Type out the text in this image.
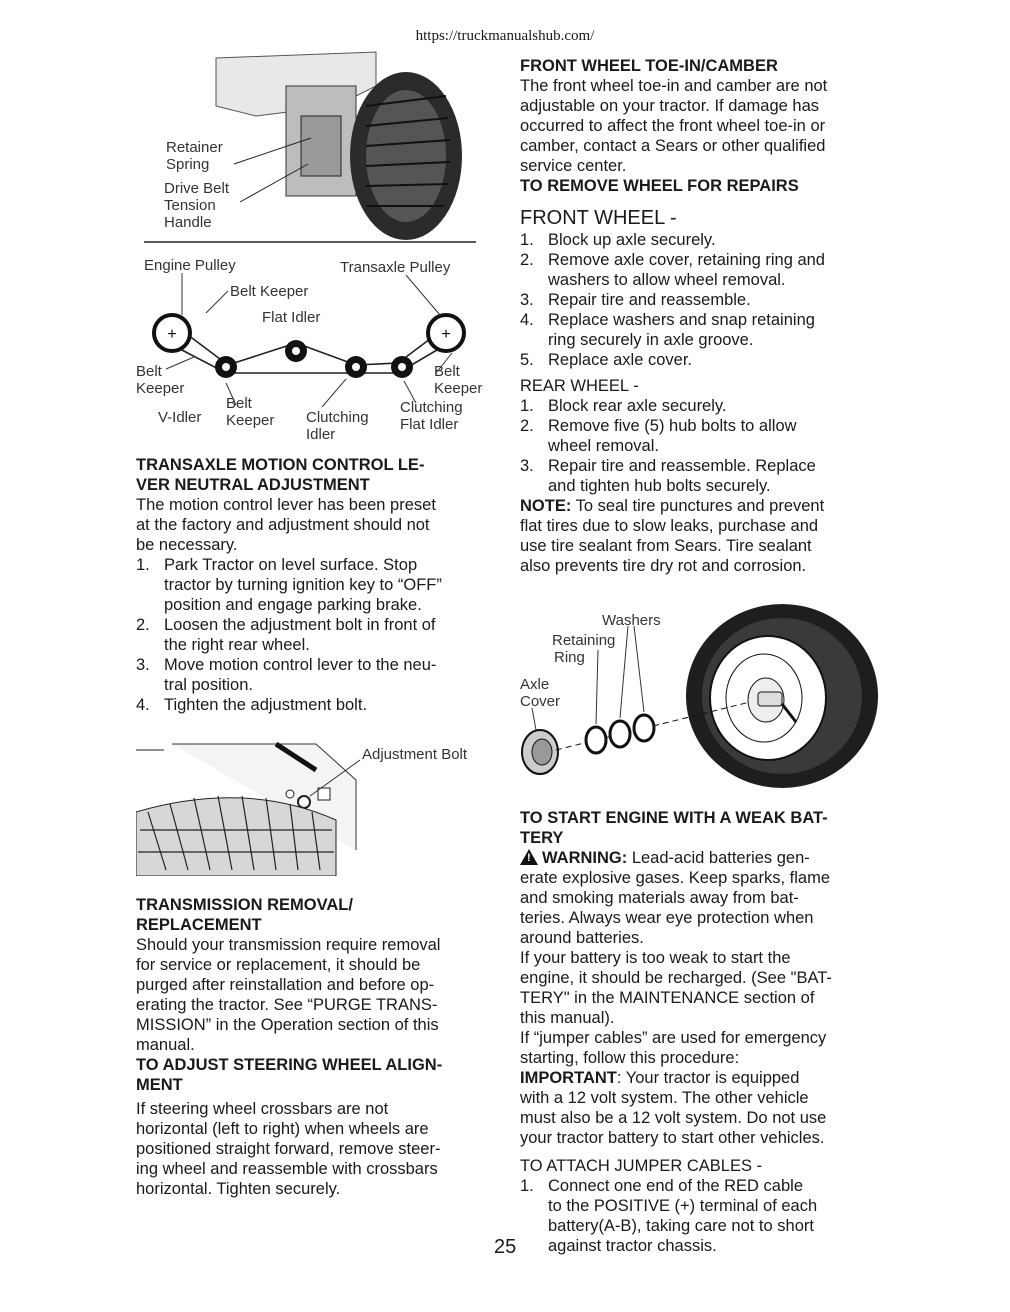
https://truckmanualshub.com/
Retainer
Spring
Drive Belt
Tension
Handle
+	+
Engine Pulley	Transaxle Pulley
Belt Keeper
Flat Idler
Belt
Keeper
Belt
Keeper
V-Idler	Clutching
Idler
Clutching
Flat Idler
Belt
Keeper
TRANSAXLE MOTION CONTROL LE-
VER NEUTRAL ADJUSTMENT
The motion control lever has been preset
at the factory and adjustment should not
be necessary.
1. Park Tractor on level surface. Stop
tractor by turning ignition key to “OFF”
position and engage parking brake.
2. Loosen the adjustment bolt in front of
the right rear wheel.
3. Move motion control lever to the neu-
tral position.
4. Tighten the adjustment bolt.
Adjustment Bolt
TRANSMISSION REMOVAL/
REPLACEMENT
Should your transmission require removal
for service or replacement, it should be
purged after reinstallation and before op-
erating the tractor. See “PURGE TRANS-
MISSION” in the Operation section of this
manual.
TO ADJUST STEERING WHEEL ALIGN-
MENT
If steering wheel crossbars are not
horizontal (left to right) when wheels are
positioned straight forward, remove steer-
ing wheel and reassemble with crossbars
horizontal. Tighten securely.
FRONT WHEEL TOE-IN/CAMBER
The front wheel toe-in and camber are not
adjustable on your tractor. If damage has
occurred to affect the front wheel toe-in or
camber, contact a Sears or other qualified
service center.
TO REMOVE WHEEL FOR REPAIRS
FRONT WHEEL -
1. Block up axle securely.
2. Remove axle cover, retaining ring and
washers to allow wheel removal.
3. Repair tire and reassemble.
4. Replace washers and snap retaining
ring securely in axle groove.
5. Replace axle cover.
REAR WHEEL -
1. Block rear axle securely.
2. Remove five (5) hub bolts to allow
wheel removal.
3. Repair tire and reassemble. Replace
and tighten hub bolts securely.
NOTE: To seal tire punctures and prevent
flat tires due to slow leaks, purchase and
use tire sealant from Sears. Tire sealant
also prevents tire dry rot and corrosion.
Washers
Retaining
Ring
Axle
Cover
TO START ENGINE WITH A WEAK BAT-
TERY
! WARNING: Lead-acid batteries gen-
erate explosive gases. Keep sparks, flame
and smoking materials away from bat-
teries. Always wear eye protection when
around batteries.
If your battery is too weak to start the
engine, it should be recharged. (See "BAT-
TERY" in the MAINTENANCE section of
this manual).
If “jumper cables” are used for emergency
starting, follow this procedure:
IMPORTANT: Your tractor is equipped
with a 12 volt system. The other vehicle
must also be a 12 volt system. Do not use
your tractor battery to start other vehicles.
TO ATTACH JUMPER CABLES -
1. Connect one end of the RED cable
to the POSITIVE (+) terminal of each
battery(A-B), taking care not to short
against tractor chassis.
25
